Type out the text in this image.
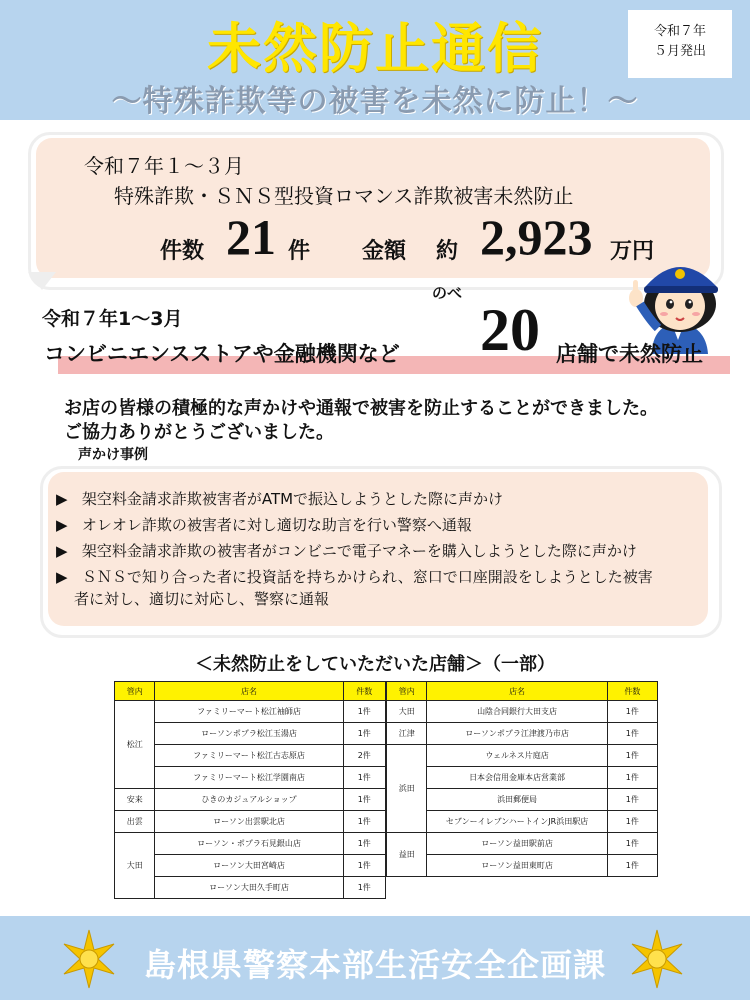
未然防止通信
～特殊詐欺等の被害を未然に防止！～
令和７年
５月発出
令和７年１～３月
特殊詐欺・ＳＮＳ型投資ロマンス詐欺被害未然防止
件数 21 件 金額 約 2,923 万円
のべ
令和７年1～3月
コンビニエンスストアや金融機関など 20 店舗で未然防止
お店の皆様の積極的な声かけや通報で被害を防止することができました。
ご協力ありがとうございました。
声かけ事例
▶   架空料金請求詐欺被害者がATMで振込しようとした際に声かけ
▶   オレオレ詐欺の被害者に対し適切な助言を行い警察へ通報
▶   架空料金請求詐欺の被害者がコンビニで電子マネーを購入しようとした際に声かけ
▶   ＳＮＳで知り合った者に投資話を持ちかけられ、窓口で口座開設をしようとした被害
者に対し、適切に対応し、警察に通報
＜未然防止をしていただいた店舗＞（一部）
管内	店名	件数
松江	ファミリーマート松江袖師店	1件
	ローソンポプラ松江玉湯店	1件
	ファミリーマート松江古志原店	2件
	ファミリーマート松江学園南店	1件
安来	ひきのカジュアルショップ	1件
出雲	ローソン出雲駅北店	1件
大田	ローソン・ポプラ石見銀山店	1件
	ローソン大田宮崎店	1件
	ローソン大田久手町店	1件
管内	店名	件数
大田	山陰合同銀行大田支店	1件
江津	ローソンポプラ江津渡乃市店	1件
浜田	ウェルネス片庭店	1件
	日本会信用金庫本店営業部	1件
	浜田郵便局	1件
	セブンーイレブンハートインJR浜田駅店	1件
益田	ローソン益田駅前店	1件
	ローソン益田東町店	1件
島根県警察本部生活安全企画課
